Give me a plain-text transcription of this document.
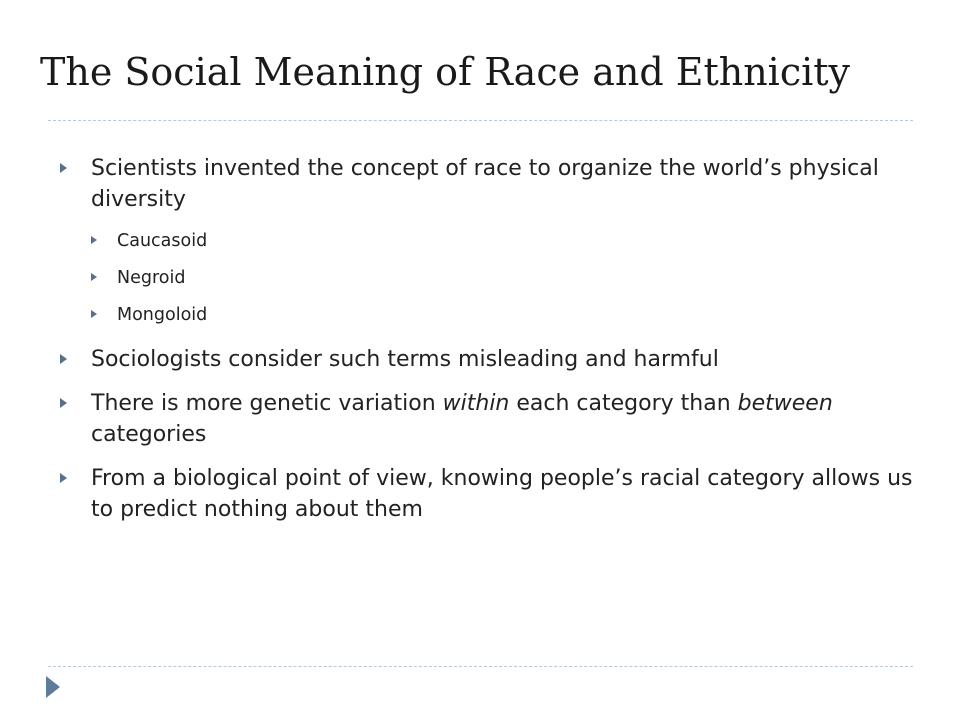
The Social Meaning of Race and Ethnicity
Scientists invented the concept of race to organize the world’s physical diversity
Caucasoid
Negroid
Mongoloid
Sociologists consider such terms misleading and harmful
There is more genetic variation within each category than between categories
From a biological point of view, knowing people’s racial category allows us to predict nothing about them
